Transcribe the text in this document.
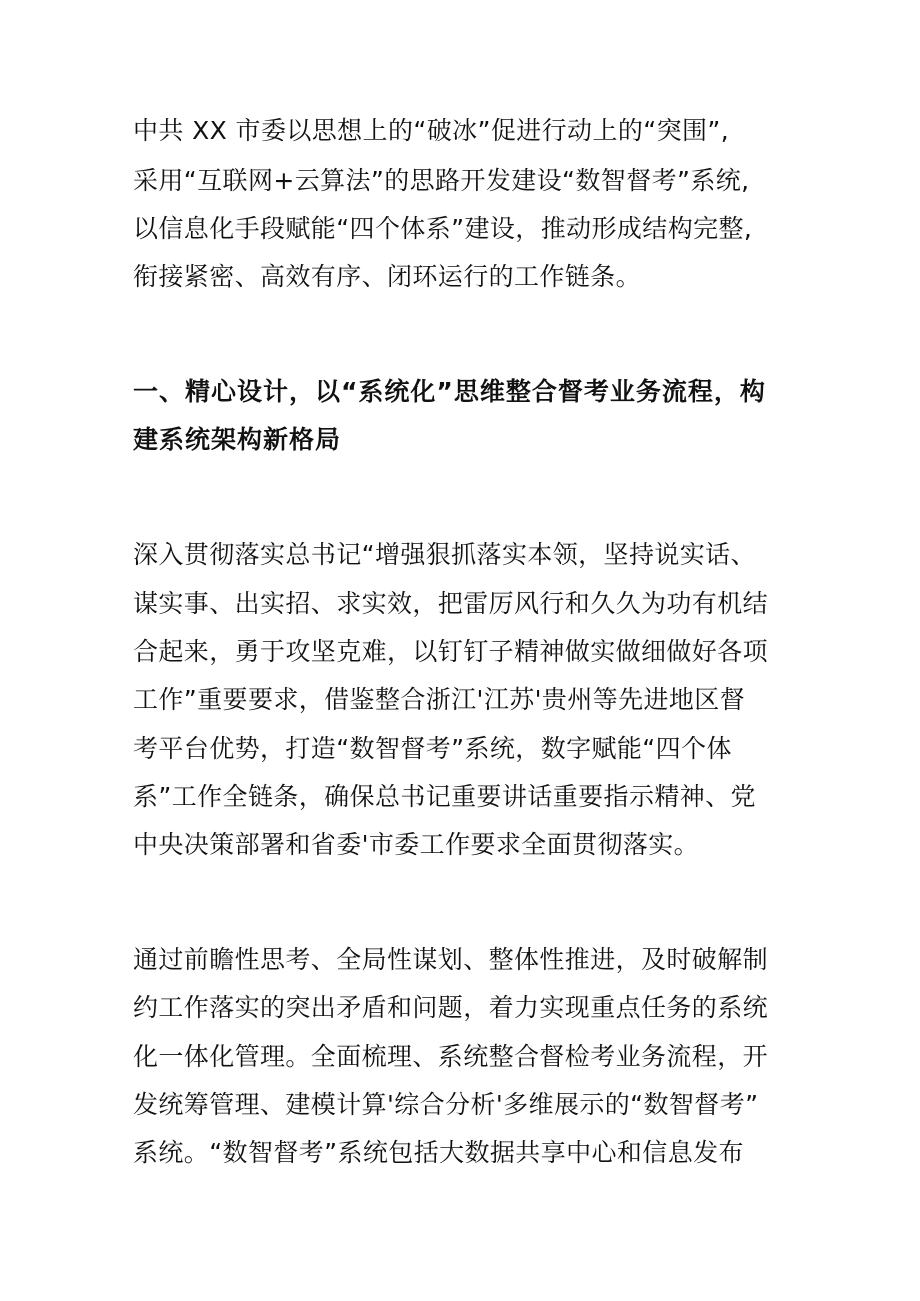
中共 XX 市委以思想上的“破冰”促进行动上的“突围”,
采用“互联网+云算法”的思路开发建设“数智督考”系统,
以信息化手段赋能“四个体系”建设，推动形成结构完整,
衔接紧密、高效有序、闭环运行的工作链条。
一、精心设计，以“系统化”思维整合督考业务流程，构
建系统架构新格局
深入贯彻落实总书记“增强狠抓落实本领，坚持说实话、
谋实事、出实招、求实效，把雷厉风行和久久为功有机结
合起来，勇于攻坚克难，以钉钉子精神做实做细做好各项
工作”重要要求，借鉴整合浙江'江苏'贵州等先进地区督
考平台优势，打造“数智督考”系统，数字赋能“四个体
系”工作全链条，确保总书记重要讲话重要指示精神、党
中央决策部署和省委'市委工作要求全面贯彻落实。
通过前瞻性思考、全局性谋划、整体性推进，及时破解制
约工作落实的突出矛盾和问题，着力实现重点任务的系统
化一体化管理。全面梳理、系统整合督检考业务流程，开
发统筹管理、建模计算'综合分析'多维展示的“数智督考”
系统。“数智督考”系统包括大数据共享中心和信息发布
